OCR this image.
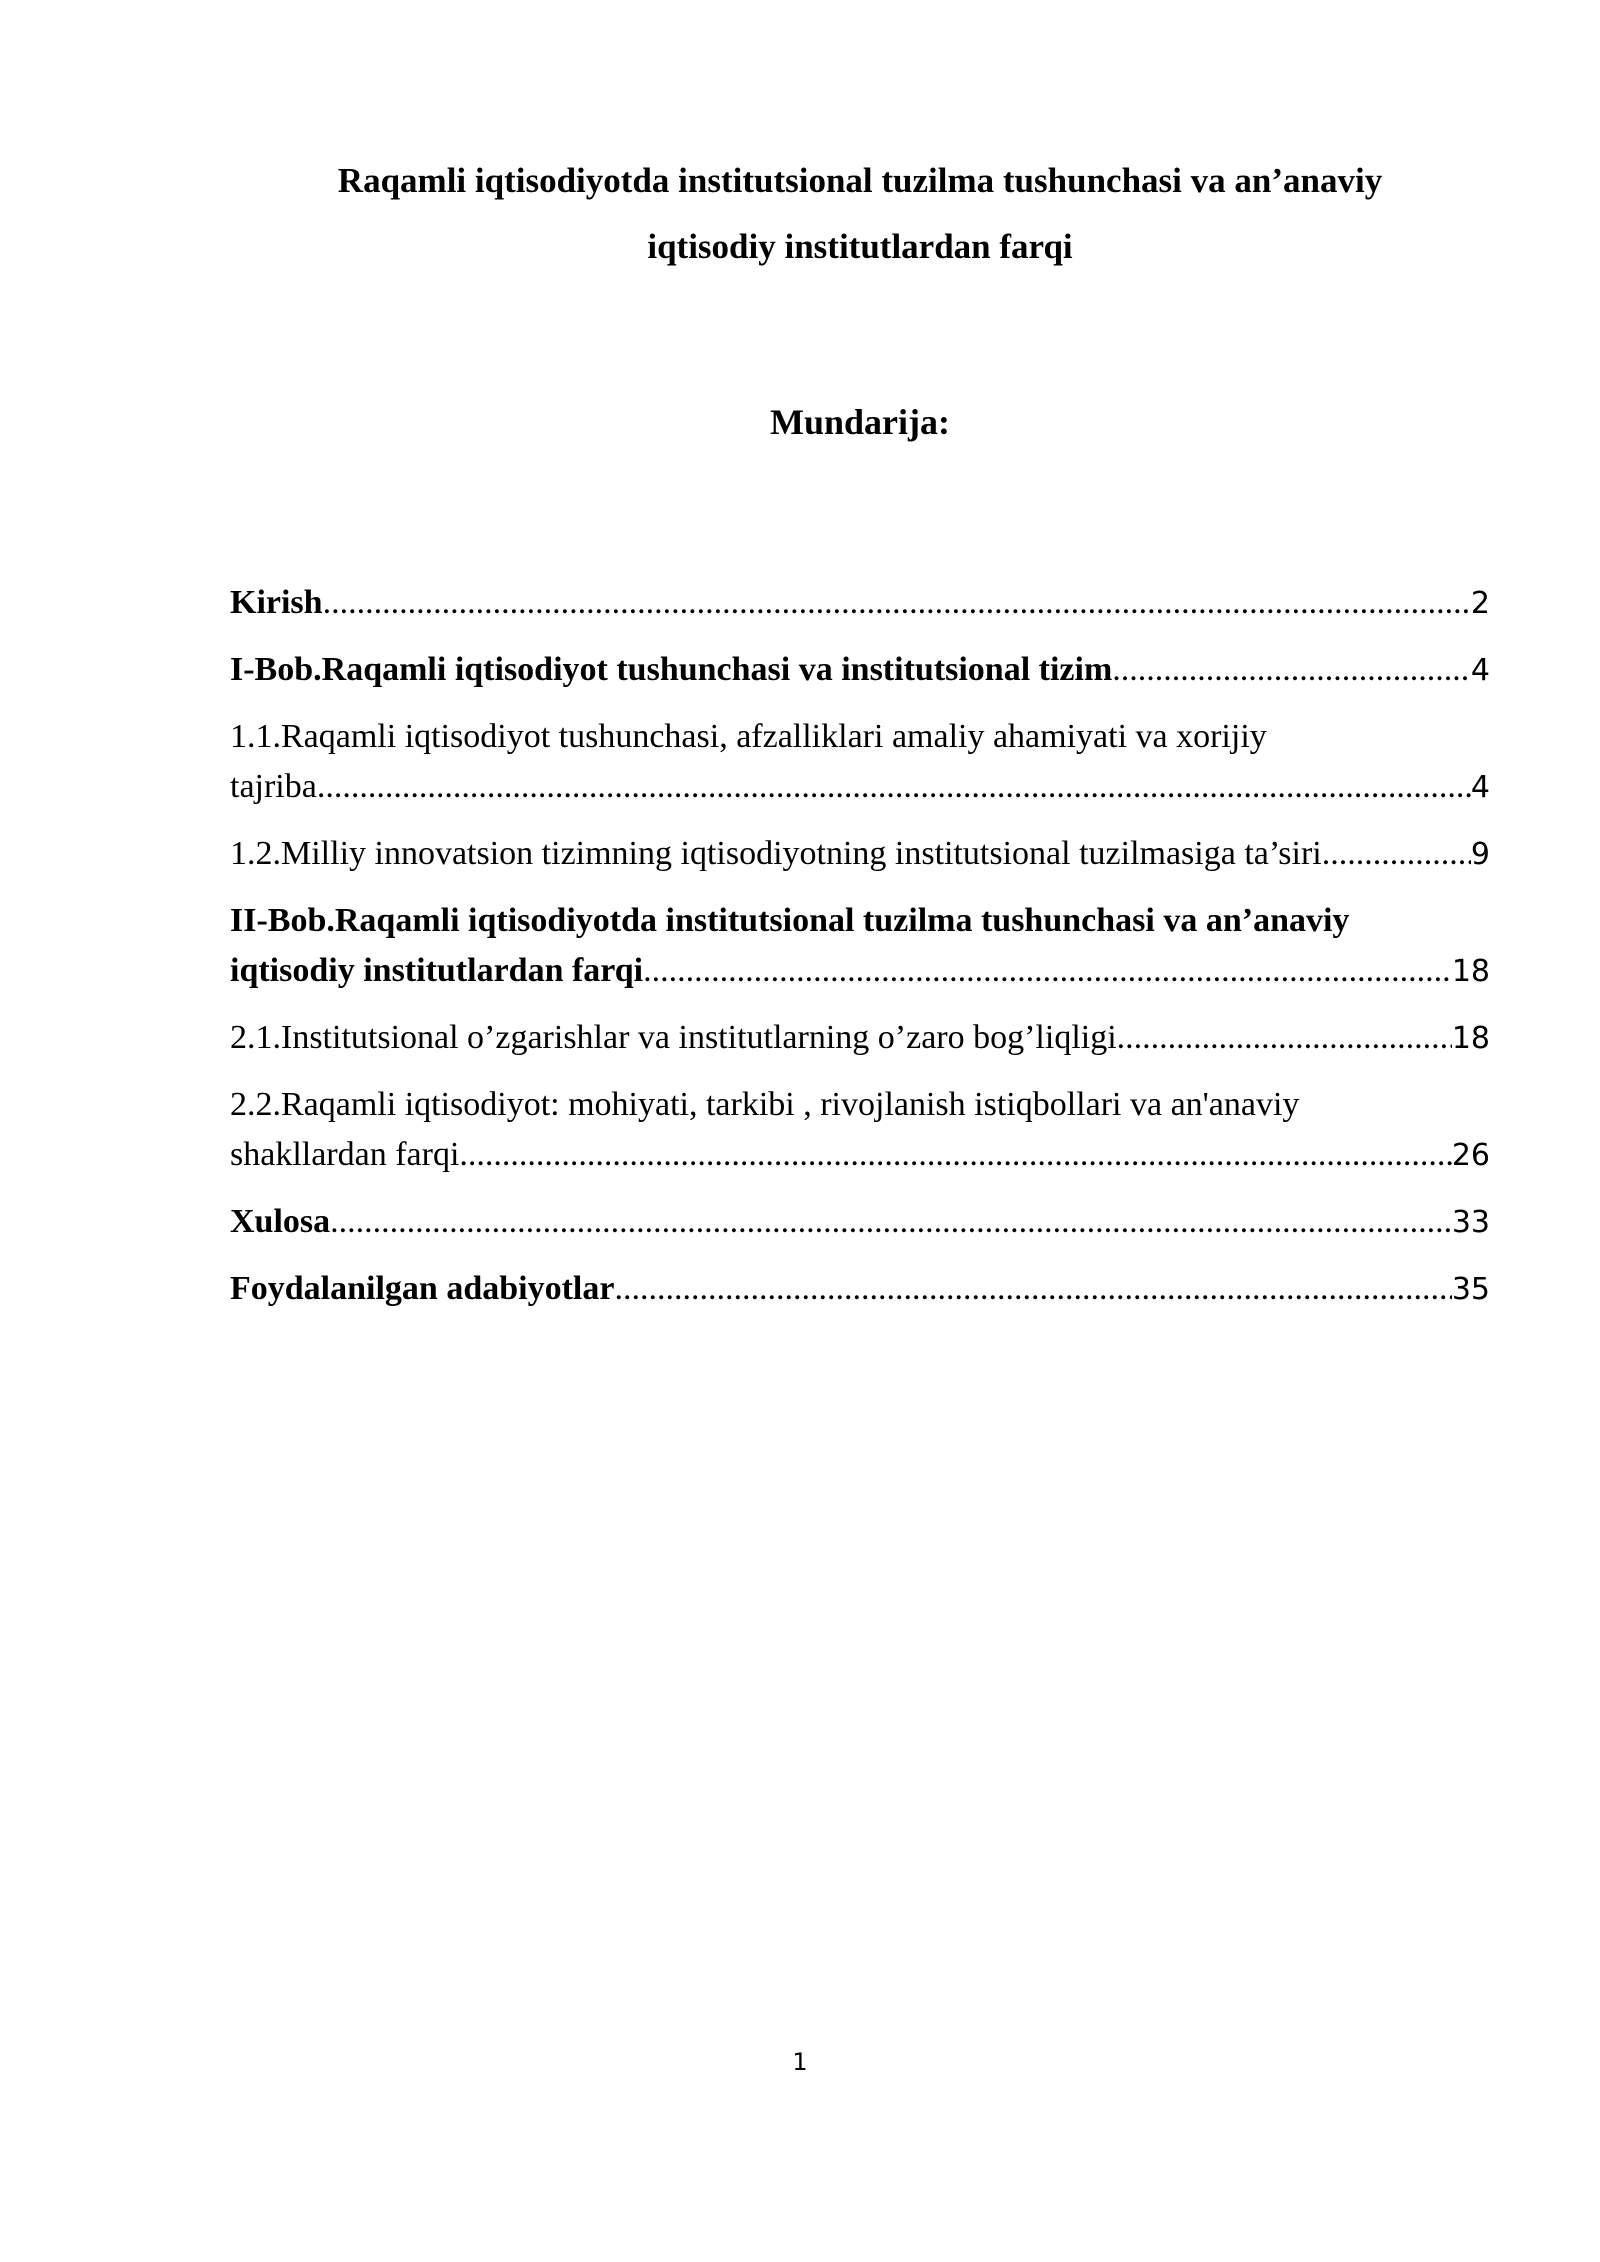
Raqamli iqtisodiyotda institutsional tuzilma tushunchasi va an’anaviy
iqtisodiy institutlardan farqi
Mundarija:
Kirish .....	2
I-Bob.Raqamli iqtisodiyot tushunchasi va institutsional tizim .....	4
1.1.Raqamli iqtisodiyot tushunchasi, afzalliklari amaliy ahamiyati va xorijiy
tajriba .....	4
1.2.Milliy innovatsion tizimning iqtisodiyotning institutsional tuzilmasiga ta’siri. .....	9
II-Bob.Raqamli iqtisodiyotda institutsional tuzilma tushunchasi va an’anaviy
iqtisodiy institutlardan farqi .....	18
2.1.Institutsional o’zgarishlar va institutlarning o’zaro bog’liqligi .....	18
2.2.Raqamli iqtisodiyot: mohiyati, tarkibi , rivojlanish istiqbollari va an'anaviy
shakllardan farqi .....	26
Xulosa .....	33
Foydalanilgan adabiyotlar .....	35
1
